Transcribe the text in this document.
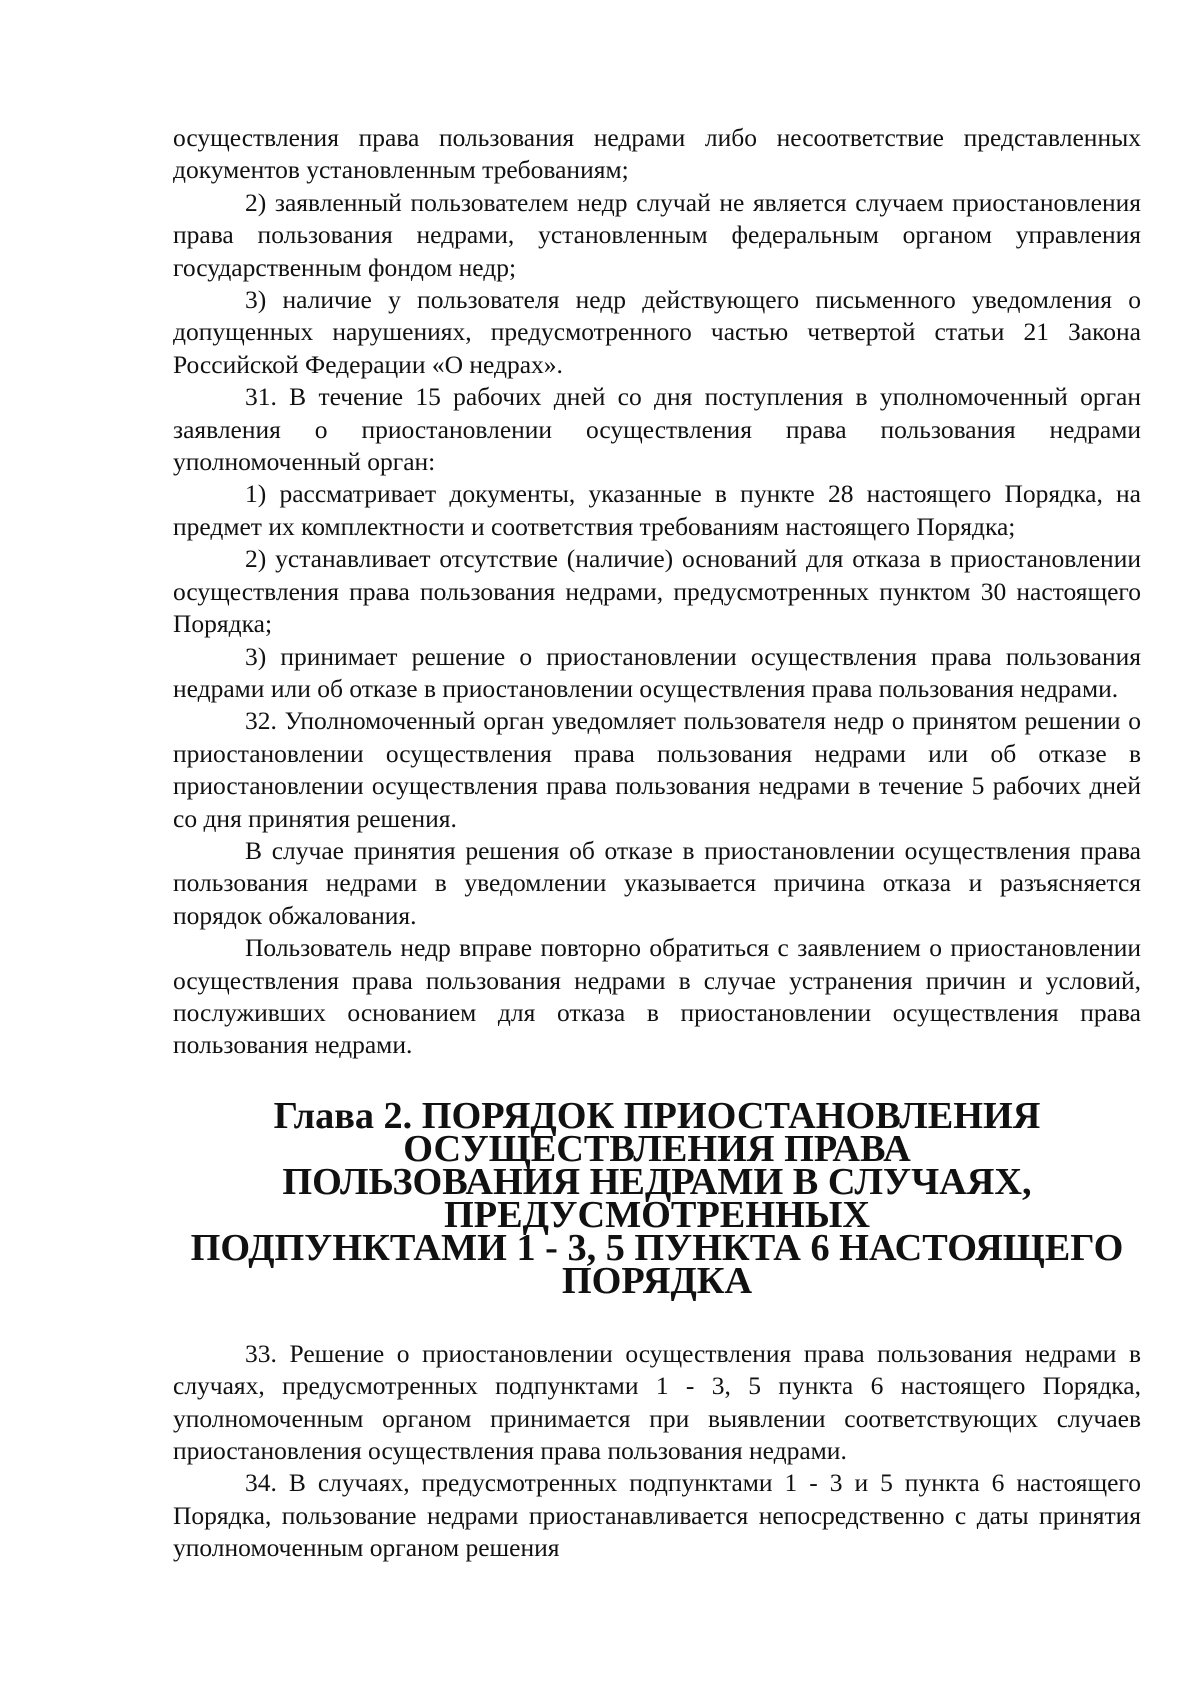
осуществления права пользования недрами либо несоответствие представленных документов установленным требованиям;

2) заявленный пользователем недр случай не является случаем приостановления права пользования недрами, установленным федеральным органом управления государственным фондом недр;

3) наличие у пользователя недр действующего письменного уведомления о допущенных нарушениях, предусмотренного частью четвертой статьи 21 Закона Российской Федерации «О недрах».

31. В течение 15 рабочих дней со дня поступления в уполномоченный орган заявления о приостановлении осуществления права пользования недрами уполномоченный орган:

1) рассматривает документы, указанные в пункте 28 настоящего Порядка, на предмет их комплектности и соответствия требованиям настоящего Порядка;

2) устанавливает отсутствие (наличие) оснований для отказа в приостановлении осуществления права пользования недрами, предусмотренных пунктом 30 настоящего Порядка;

3) принимает решение о приостановлении осуществления права пользования недрами или об отказе в приостановлении осуществления права пользования недрами.

32. Уполномоченный орган уведомляет пользователя недр о принятом решении о приостановлении осуществления права пользования недрами или об отказе в приостановлении осуществления права пользования недрами в течение 5 рабочих дней со дня принятия решения.

В случае принятия решения об отказе в приостановлении осуществления права пользования недрами в уведомлении указывается причина отказа и разъясняется порядок обжалования.

Пользователь недр вправе повторно обратиться с заявлением о приостановлении осуществления права пользования недрами в случае устранения причин и условий, послуживших основанием для отказа в приостановлении осуществления права пользования недрами.

Глава 2. ПОРЯДОК ПРИОСТАНОВЛЕНИЯ ОСУЩЕСТВЛЕНИЯ ПРАВА
ПОЛЬЗОВАНИЯ НЕДРАМИ В СЛУЧАЯХ, ПРЕДУСМОТРЕННЫХ
ПОДПУНКТАМИ 1 - 3, 5 ПУНКТА 6 НАСТОЯЩЕГО ПОРЯДКА

33. Решение о приостановлении осуществления права пользования недрами в случаях, предусмотренных подпунктами 1 - 3, 5 пункта 6 настоящего Порядка, уполномоченным органом принимается при выявлении соответствующих случаев приостановления осуществления права пользования недрами.

34. В случаях, предусмотренных подпунктами 1 - 3 и 5 пункта 6 настоящего Порядка, пользование недрами приостанавливается непосредственно с даты принятия уполномоченным органом решения
